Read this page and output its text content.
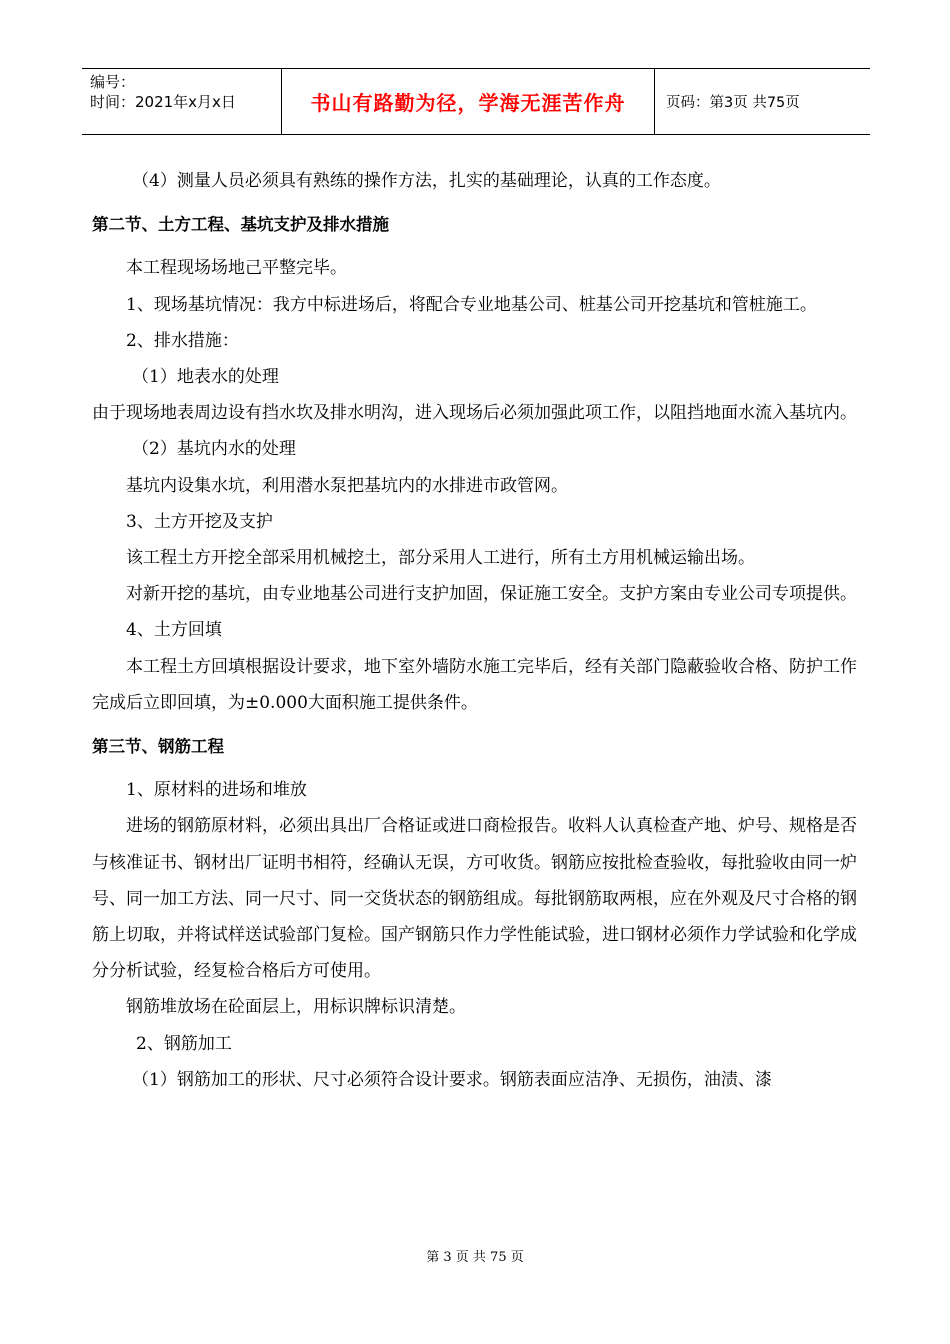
编号：
时间：2021年x月x日	书山有路勤为径，学海无涯苦作舟	页码：第3页 共75页

（4）测量人员必须具有熟练的操作方法，扎实的基础理论，认真的工作态度。

第二节、土方工程、基坑支护及排水措施

本工程现场场地己平整完毕。

1、现场基坑情况：我方中标进场后，将配合专业地基公司、桩基公司开挖基坑和管桩施工。

2、排水措施：

（1）地表水的处理

由于现场地表周边设有挡水坎及排水明沟，进入现场后必须加强此项工作，以阻挡地面水流入基坑内。

（2）基坑内水的处理

基坑内设集水坑，利用潜水泵把基坑内的水排进市政管网。

3、土方开挖及支护

该工程土方开挖全部采用机械挖土，部分采用人工进行，所有土方用机械运输出场。

对新开挖的基坑，由专业地基公司进行支护加固，保证施工安全。支护方案由专业公司专项提供。

4、土方回填

本工程土方回填根据设计要求，地下室外墙防水施工完毕后，经有关部门隐蔽验收合格、防护工作完成后立即回填，为±0.000大面积施工提供条件。

第三节、钢筋工程

1、原材料的进场和堆放

进场的钢筋原材料，必须出具出厂合格证或进口商检报告。收料人认真检查产地、炉号、规格是否与核准证书、钢材出厂证明书相符，经确认无误，方可收货。钢筋应按批检查验收，每批验收由同一炉号、同一加工方法、同一尺寸、同一交货状态的钢筋组成。每批钢筋取两根，应在外观及尺寸合格的钢筋上切取，并将试样送试验部门复检。国产钢筋只作力学性能试验，进口钢材必须作力学试验和化学成分分析试验，经复检合格后方可使用。

钢筋堆放场在砼面层上，用标识牌标识清楚。

2、钢筋加工

（1）钢筋加工的形状、尺寸必须符合设计要求。钢筋表面应洁净、无损伤，油渍、漆

第 3 页 共 75 页
